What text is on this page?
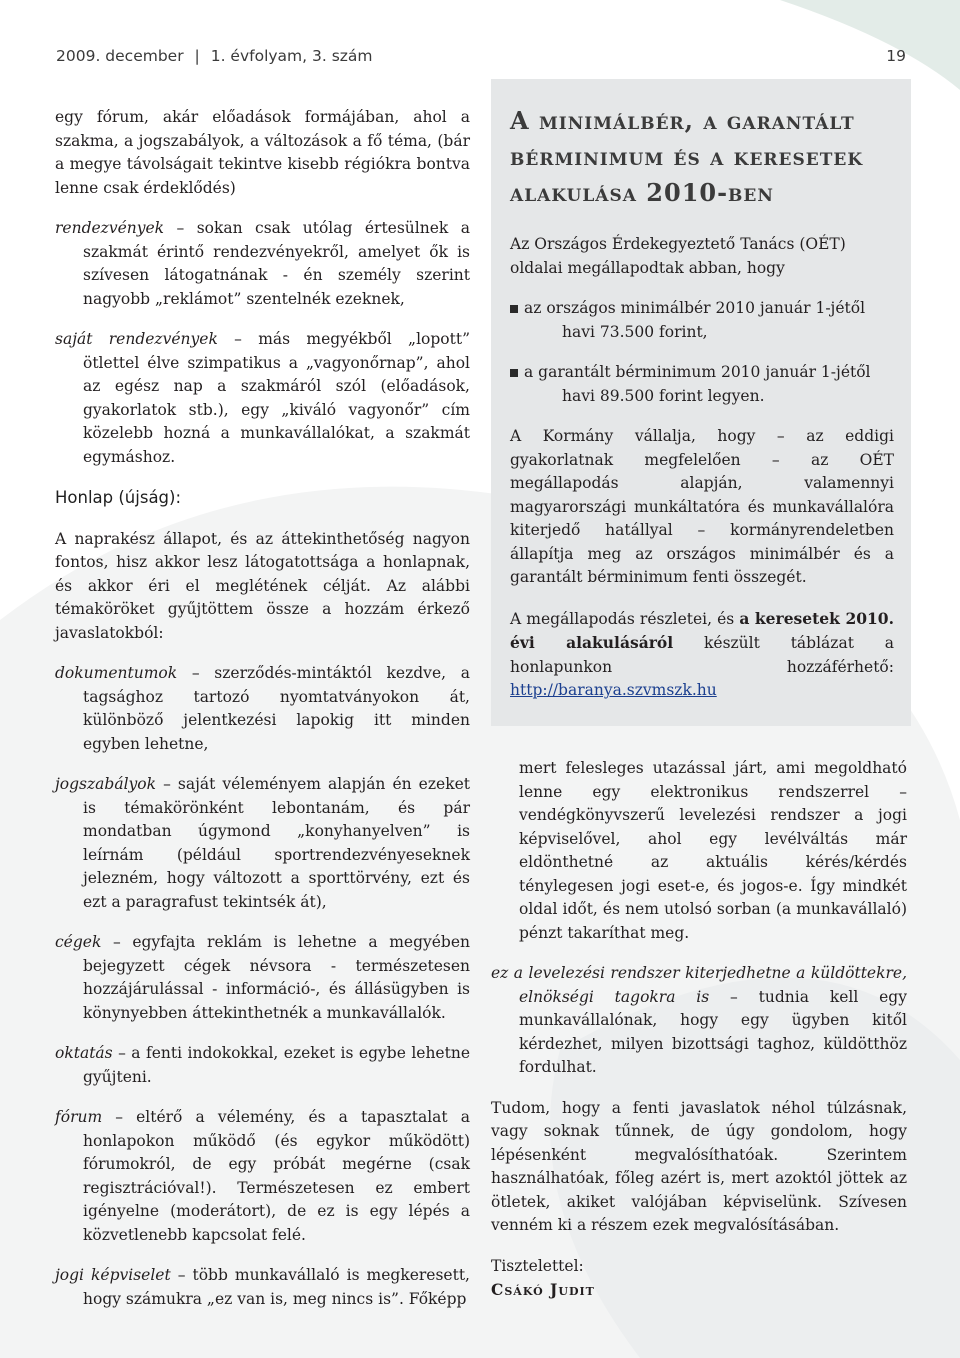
2009. december | 1. évfolyam, 3. szám	19

egy fórum, akár előadások formájában, ahol a szakma, a jogszabályok, a változások a fő téma, (bár a megye távolságait tekintve kisebb régiókra bontva lenne csak érdeklődés)

rendezvények – sokan csak utólag értesülnek a szakmát érintő rendezvényekről, amelyet ők is szívesen látogatnának - én személy szerint nagyobb „reklámot” szentelnék ezeknek,

saját rendezvények – más megyékből „lopott” ötlettel élve szimpatikus a „vagyonőrnap”, ahol az egész nap a szakmáról szól (előadások, gyakorlatok stb.), egy „kiváló vagyonőr” cím közelebb hozná a munkavállalókat, a szakmát egymáshoz.

Honlap (újság):

A naprakész állapot, és az áttekinthetőség nagyon fontos, hisz akkor lesz látogatottsága a honlapnak, és akkor éri el meglétének célját. Az alábbi témaköröket gyűjtöttem össze a hozzám érkező javaslatokból:

dokumentumok – szerződés-mintáktól kezdve, a tagsághoz tartozó nyomtatványokon át, különböző jelentkezési lapokig itt minden egyben lehetne,

jogszabályok – saját véleményem alapján én ezeket is témakörönként lebontanám, és pár mondatban úgymond „konyhanyelven” is leírnám (például sportrendezvényeseknek jelezném, hogy változott a sporttörvény, ezt és ezt a paragrafust tekintsék át),

cégek – egyfajta reklám is lehetne a megyében bejegyzett cégek névsora - természetesen hozzájárulással - információ-, és állásügyben is könynyebben áttekinthetnék a munkavállalók.

oktatás – a fenti indokokkal, ezeket is egybe lehetne gyűjteni.

fórum – eltérő a vélemény, és a tapasztalat a honlapokon működő (és egykor működött) fórumokról, de egy próbát megérne (csak regisztrációval!). Természetesen ez embert igényelne (moderátort), de ez is egy lépés a közvetlenebb kapcsolat felé.

jogi képviselet – több munkavállaló is megkeresett, hogy számukra „ez van is, meg nincs is”. Főképp

A minimálbér, a garantált
bérminimum és a keresetek
alakulása 2010-ben

Az Országos Érdekegyeztető Tanács (OÉT) oldalai megállapodtak abban, hogy

az országos minimálbér 2010 január 1-jétől
havi 73.500 forint,
a garantált bérminimum 2010 január 1-jétől
havi 89.500 forint legyen.

A Kormány vállalja, hogy – az eddigi gyakorlatnak megfelelően – az OÉT megállapodás alapján, valamennyi magyarországi munkáltatóra és munkavállalóra kiterjedő hatállyal – kormányrendeletben állapítja meg az országos minimálbér és a garantált bérminimum fenti összegét.

A megállapodás részletei, és a keresetek 2010. évi alakulásáról készült táblázat a honlapunkon hozzáférhető: http://baranya.szvmszk.hu

mert felesleges utazással járt, ami megoldható lenne egy elektronikus rendszerrel – vendégkönyvszerű levelezési rendszer a jogi képviselővel, ahol egy levélváltás már eldönthetné az aktuális kérés/kérdés ténylegesen jogi eset-e, és jogos-e. Így mindkét oldal időt, és nem utolsó sorban (a munkavállaló) pénzt takaríthat meg.

ez a levelezési rendszer kiterjedhetne a küldöttekre, elnökségi tagokra is – tudnia kell egy munkavállalónak, hogy egy ügyben kitől kérdezhet, milyen bizottsági taghoz, küldötthöz fordulhat.

Tudom, hogy a fenti javaslatok néhol túlzásnak, vagy soknak tűnnek, de úgy gondolom, hogy lépésenként megvalósíthatóak. Szerintem használhatóak, főleg azért is, mert azoktól jöttek az ötletek, akiket valójában képviselünk. Szívesen venném ki a részem ezek megvalósításában.

Tisztelettel:
Csákó Judit
